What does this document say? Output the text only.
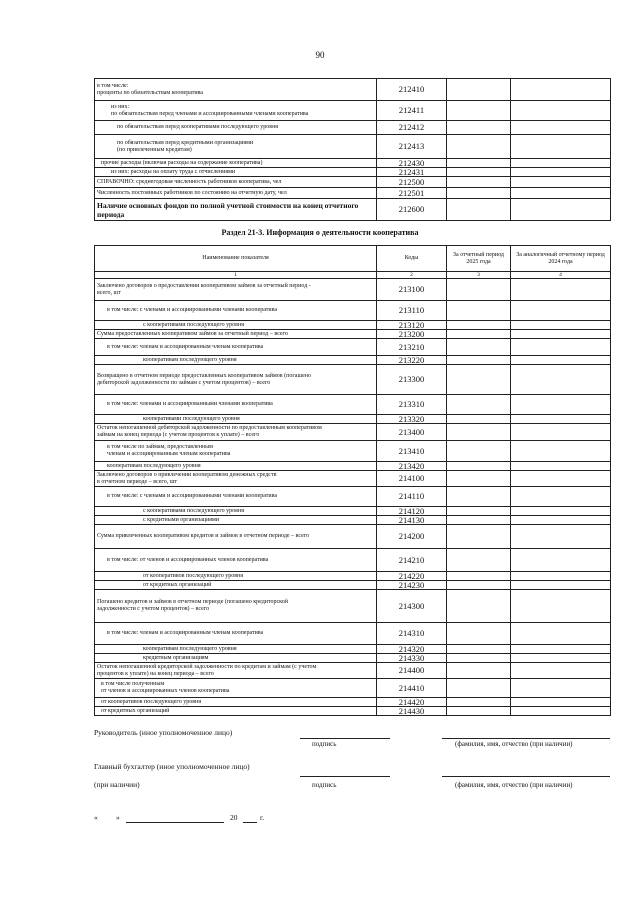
90
в том числе:
проценты по обязательствам кооператива	212410		
из них:
по обязательствам перед членами и ассоциированными членами кооператива	212411		
по обязательствам перед кооперативами последующего уровня	212412		
по обязательствам перед кредитными организациями
(по привлеченным кредитам)	212413		
прочие расходы (включая расходы на содержание кооператива)	212430		
из них: расходы на оплату труда с отчислениями	212431		
СПРАВОЧНО: среднегодовая численность работников кооператива, чел	212500		
Численность постоянных работников по состоянию на отчетную дату, чел	212501		
Наличие основных фондов по полной учетной стоимости на конец отчетного периода	212600		
Раздел 21-3. Информация о деятельности кооператива
Наименование показателя	Коды	За отчетный период 2025 года	За аналогичный отчетному период 2024 года
1	2	3	4
Заключено договоров о предоставлении кооперативом займов за отчетный период -
всего, шт	213100		
в том числе: с членами и ассоциированными членами кооператива	213110		
с кооперативами последующего уровня	213120		
Сумма предоставленных кооперативом займов за отчетный период – всего	213200		
в том числе: членам и ассоциированным членам кооператива	213210		
кооперативам последующего уровня	213220		
Возвращено в отчетном периоде предоставленных кооперативом займов (погашено
дебиторской задолженности по займам с учетом процентов) – всего	213300		
в том числе: членами и ассоциированными членами кооператива	213310		
кооперативами последующего уровня	213320		
Остаток непогашенной дебиторской задолженности по предоставленным кооперативом
займам на конец периода (с учетом процентов к уплате) – всего	213400		
в том числе по займам, предоставленным
членам и ассоциированным членам кооператива	213410		
кооперативам последующего уровня	213420		
Заключено договоров о привлечении кооперативом денежных средств
в отчетном периоде – всего, шт	214100		
в том числе: с членами и ассоциированными членами кооператива	214110		
с кооперативами последующего уровня	214120		
с кредитными организациями	214130		
Сумма привлеченных кооперативом кредитов и займов в отчетном периоде – всего	214200		
в том числе: от членов и ассоциированных членов кооператива	214210		
от кооперативов последующего уровня	214220		
от кредитных организаций	214230		
Погашено кредитов и займов в отчетном периоде (погашено кредиторской
задолженности с учетом процентов) – всего	214300		
в том числе: членам и ассоциированным членам кооператива	214310		
кооперативам последующего уровня	214320		
кредитным организациям	214330		
Остаток непогашенной кредиторской задолженности по кредитам и займам (с учетом
процентов к уплате) на конец периода – всего	214400		
в том числе полученным
от членов и ассоциированных членов кооператива	214410		
от кооперативов последующего уровня	214420		
от кредитных организаций	214430		
Руководитель (иное уполномоченное лицо)
подпись	(фамилия, имя, отчество (при наличии)
Главный бухгалтер (иное уполномоченное лицо)
(при наличии)	подпись	(фамилия, имя, отчество (при наличии)
« »	20	г.
